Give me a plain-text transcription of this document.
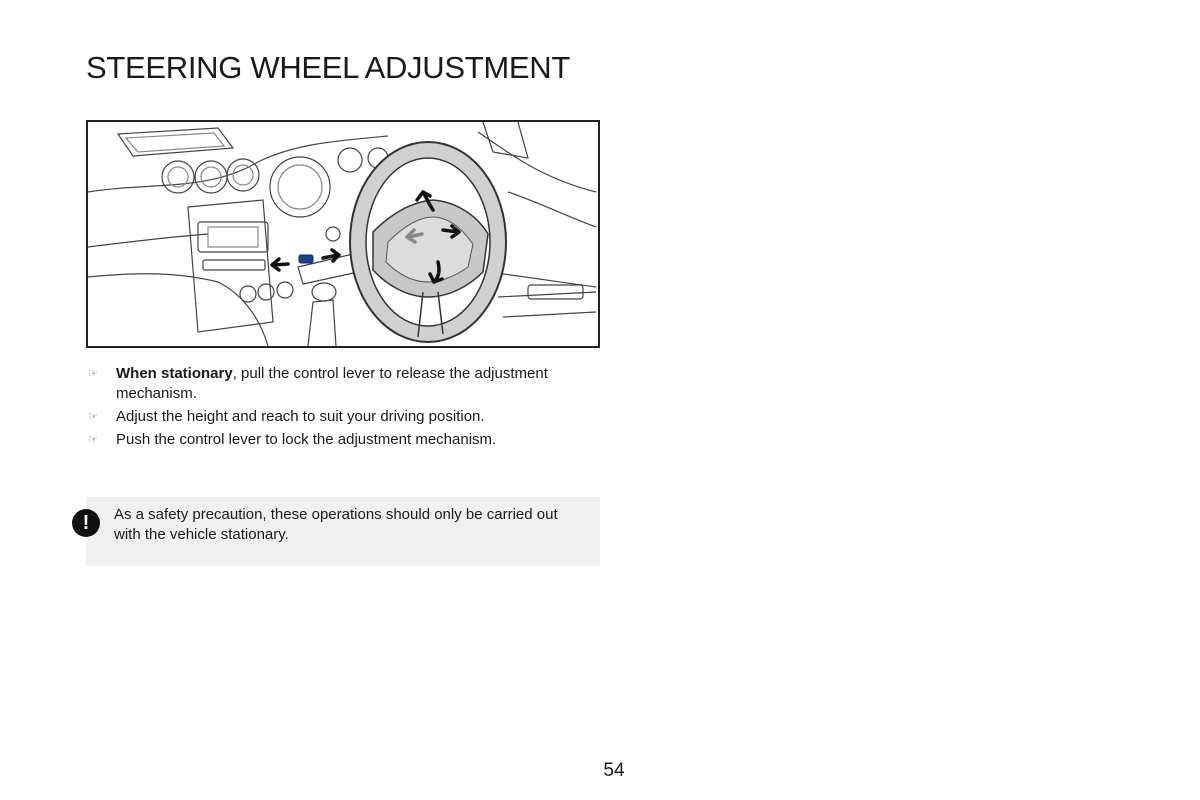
STEERING WHEEL ADJUSTMENT
☞ When stationary, pull the control lever to release the adjustment mechanism.
☞ Adjust the height and reach to suit your driving position.
☞ Push the control lever to lock the adjustment mechanism.
!	As a safety precaution, these operations should only be carried out with the vehicle stationary.
54
